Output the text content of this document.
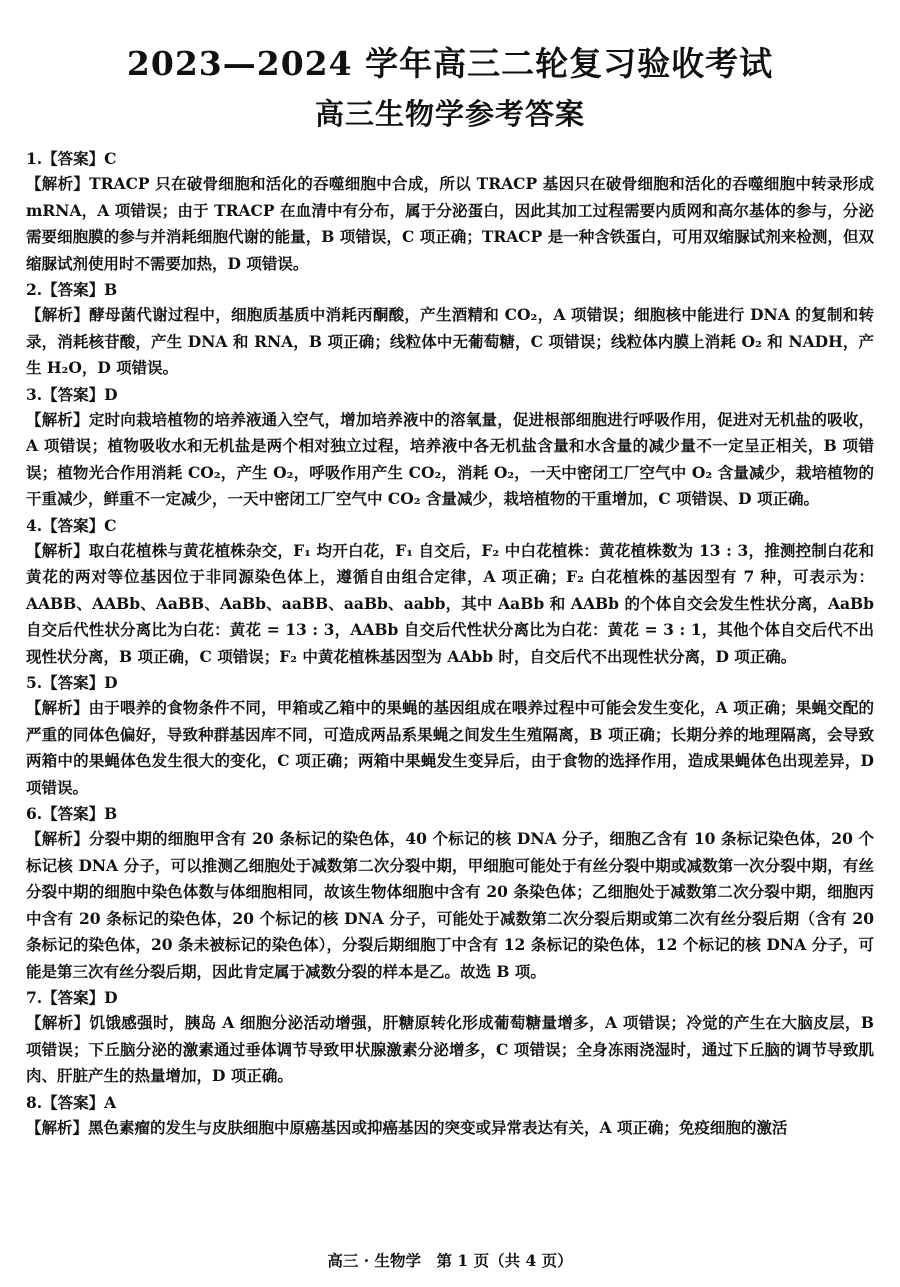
2023—2024 学年高三二轮复习验收考试
高三生物学参考答案
1.【答案】C
【解析】TRACP 只在破骨细胞和活化的吞噬细胞中合成，所以 TRACP 基因只在破骨细胞和活化的吞噬细胞中转录形成 mRNA，A 项错误；由于 TRACP 在血清中有分布，属于分泌蛋白，因此其加工过程需要内质网和高尔基体的参与，分泌需要细胞膜的参与并消耗细胞代谢的能量，B 项错误，C 项正确；TRACP 是一种含铁蛋白，可用双缩脲试剂来检测，但双缩脲试剂使用时不需要加热，D 项错误。
2.【答案】B
【解析】酵母菌代谢过程中，细胞质基质中消耗丙酮酸，产生酒精和 CO₂，A 项错误；细胞核中能进行 DNA 的复制和转录，消耗核苷酸，产生 DNA 和 RNA，B 项正确；线粒体中无葡萄糖，C 项错误；线粒体内膜上消耗 O₂ 和 NADH，产生 H₂O，D 项错误。
3.【答案】D
【解析】定时向栽培植物的培养液通入空气，增加培养液中的溶氧量，促进根部细胞进行呼吸作用，促进对无机盐的吸收，A 项错误；植物吸收水和无机盐是两个相对独立过程，培养液中各无机盐含量和水含量的减少量不一定呈正相关，B 项错误；植物光合作用消耗 CO₂，产生 O₂，呼吸作用产生 CO₂，消耗 O₂，一天中密闭工厂空气中 O₂ 含量减少，栽培植物的干重减少，鲜重不一定减少，一天中密闭工厂空气中 CO₂ 含量减少，栽培植物的干重增加，C 项错误、D 项正确。
4.【答案】C
【解析】取白花植株与黄花植株杂交，F₁ 均开白花，F₁ 自交后，F₂ 中白花植株：黄花植株数为 13 : 3，推测控制白花和黄花的两对等位基因位于非同源染色体上，遵循自由组合定律，A 项正确；F₂ 白花植株的基因型有 7 种，可表示为：AABB、AABb、AaBB、AaBb、aaBB、aaBb、aabb，其中 AaBb 和 AABb 的个体自交会发生性状分离，AaBb 自交后代性状分离比为白花：黄花 = 13 : 3，AABb 自交后代性状分离比为白花：黄花 = 3 : 1，其他个体自交后代不出现性状分离，B 项正确，C 项错误；F₂ 中黄花植株基因型为 AAbb 时，自交后代不出现性状分离，D 项正确。
5.【答案】D
【解析】由于喂养的食物条件不同，甲箱或乙箱中的果蝇的基因组成在喂养过程中可能会发生变化，A 项正确；果蝇交配的严重的同体色偏好，导致种群基因库不同，可造成两品系果蝇之间发生生殖隔离，B 项正确；长期分养的地理隔离，会导致两箱中的果蝇体色发生很大的变化，C 项正确；两箱中果蝇发生变异后，由于食物的选择作用，造成果蝇体色出现差异，D 项错误。
6.【答案】B
【解析】分裂中期的细胞甲含有 20 条标记的染色体，40 个标记的核 DNA 分子，细胞乙含有 10 条标记染色体，20 个标记核 DNA 分子，可以推测乙细胞处于减数第二次分裂中期，甲细胞可能处于有丝分裂中期或减数第一次分裂中期，有丝分裂中期的细胞中染色体数与体细胞相同，故该生物体细胞中含有 20 条染色体；乙细胞处于减数第二次分裂中期，细胞丙中含有 20 条标记的染色体，20 个标记的核 DNA 分子，可能处于减数第二次分裂后期或第二次有丝分裂后期（含有 20 条标记的染色体，20 条未被标记的染色体），分裂后期细胞丁中含有 12 条标记的染色体，12 个标记的核 DNA 分子，可能是第三次有丝分裂后期，因此肯定属于减数分裂的样本是乙。故选 B 项。
7.【答案】D
【解析】饥饿感强时，胰岛 A 细胞分泌活动增强，肝糖原转化形成葡萄糖量增多，A 项错误；冷觉的产生在大脑皮层，B 项错误；下丘脑分泌的激素通过垂体调节导致甲状腺激素分泌增多，C 项错误；全身冻雨浇湿时，通过下丘脑的调节导致肌肉、肝脏产生的热量增加，D 项正确。
8.【答案】A
【解析】黑色素瘤的发生与皮肤细胞中原癌基因或抑癌基因的突变或异常表达有关，A 项正确；免疫细胞的激活
高三 · 生物学　第 1 页（共 4 页）
